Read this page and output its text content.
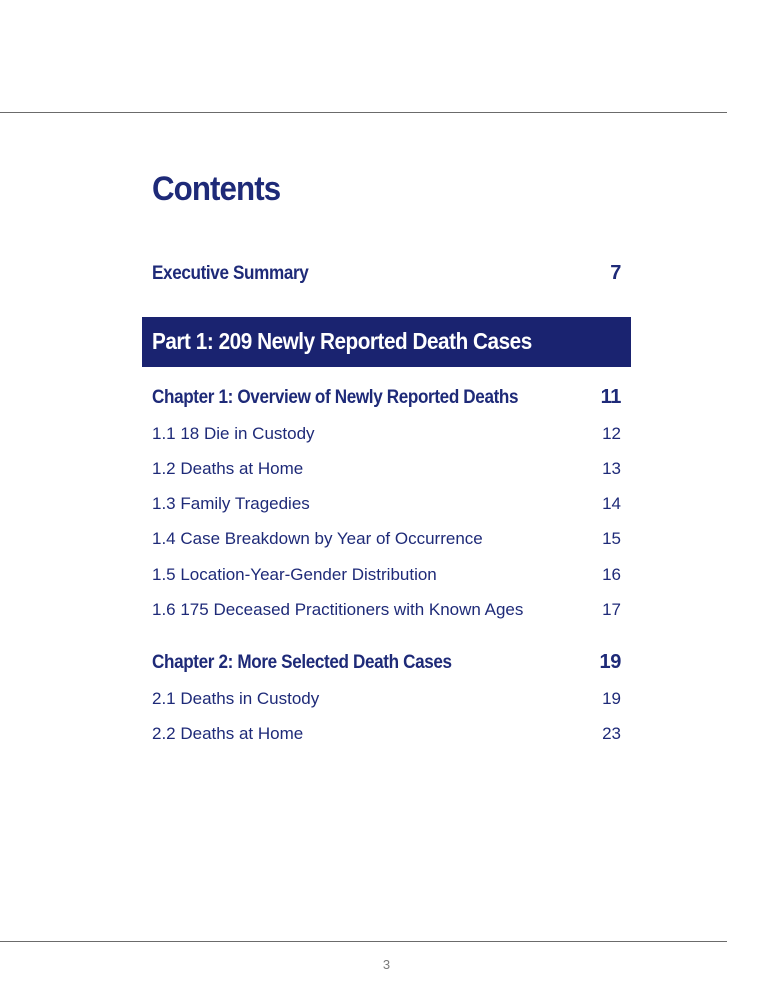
Contents
Executive Summary	7
Part 1: 209 Newly Reported Death Cases
Chapter 1: Overview of Newly Reported Deaths	11
1.1 18 Die in Custody	12
1.2 Deaths at Home	13
1.3 Family Tragedies	14
1.4 Case Breakdown by Year of Occurrence	15
1.5 Location-Year-Gender Distribution	16
1.6 175 Deceased Practitioners with Known Ages	17
Chapter 2: More Selected Death Cases	19
2.1 Deaths in Custody	19
2.2 Deaths at Home	23
3
